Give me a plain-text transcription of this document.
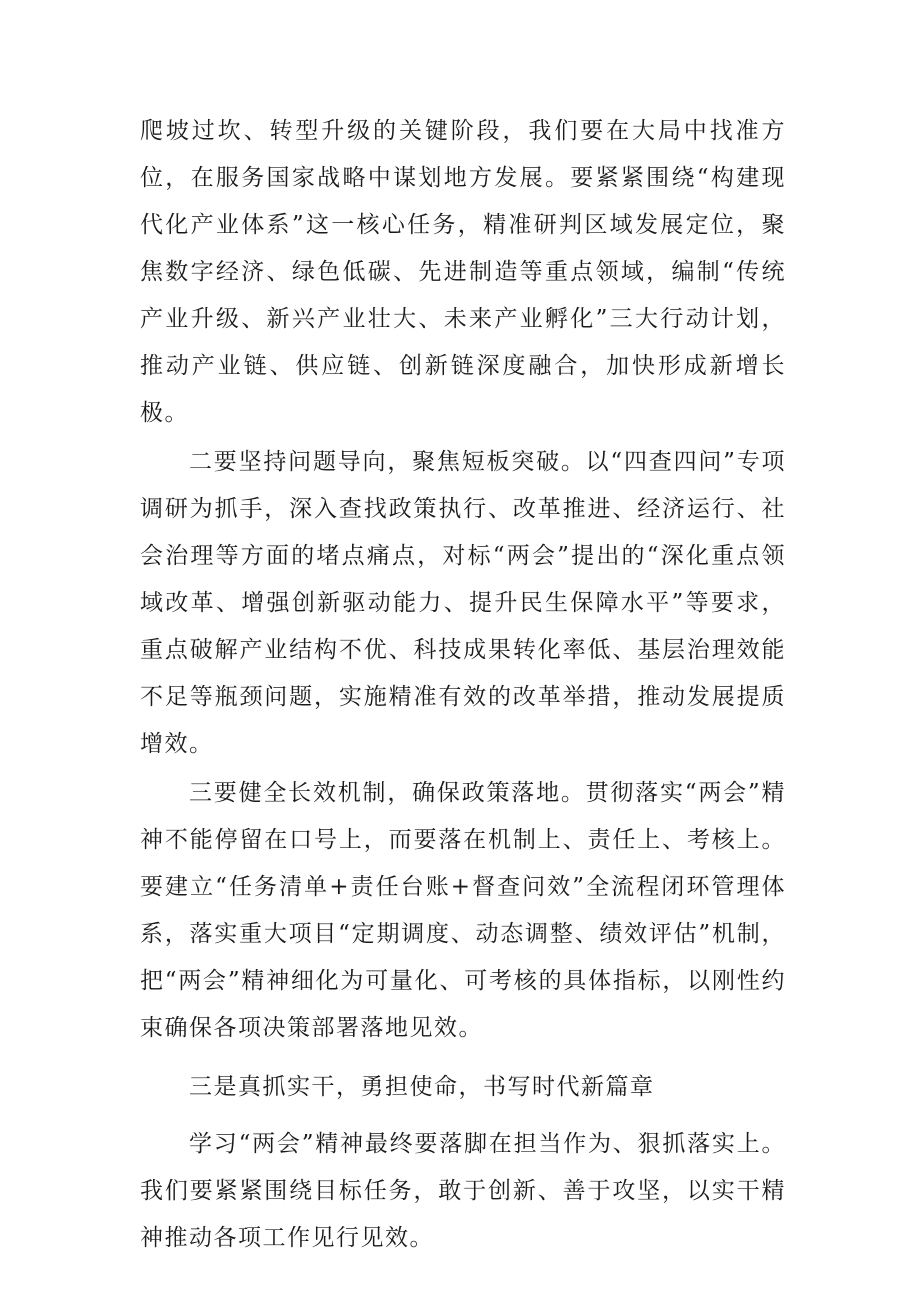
爬坡过坎、转型升级的关键阶段，我们要在大局中找准方位，在服务国家战略中谋划地方发展。要紧紧围绕“构建现代化产业体系”这一核心任务，精准研判区域发展定位，聚焦数字经济、绿色低碳、先进制造等重点领域，编制“传统产业升级、新兴产业壮大、未来产业孵化”三大行动计划，推动产业链、供应链、创新链深度融合，加快形成新增长极。

二要坚持问题导向，聚焦短板突破。以“四查四问”专项调研为抓手，深入查找政策执行、改革推进、经济运行、社会治理等方面的堵点痛点，对标“两会”提出的“深化重点领域改革、增强创新驱动能力、提升民生保障水平”等要求，重点破解产业结构不优、科技成果转化率低、基层治理效能不足等瓶颈问题，实施精准有效的改革举措，推动发展提质增效。

三要健全长效机制，确保政策落地。贯彻落实“两会”精神不能停留在口号上，而要落在机制上、责任上、考核上。要建立“任务清单+责任台账+督查问效”全流程闭环管理体系，落实重大项目“定期调度、动态调整、绩效评估”机制，把“两会”精神细化为可量化、可考核的具体指标，以刚性约束确保各项决策部署落地见效。

三是真抓实干，勇担使命，书写时代新篇章

学习“两会”精神最终要落脚在担当作为、狠抓落实上。我们要紧紧围绕目标任务，敢于创新、善于攻坚，以实干精神推动各项工作见行见效。
